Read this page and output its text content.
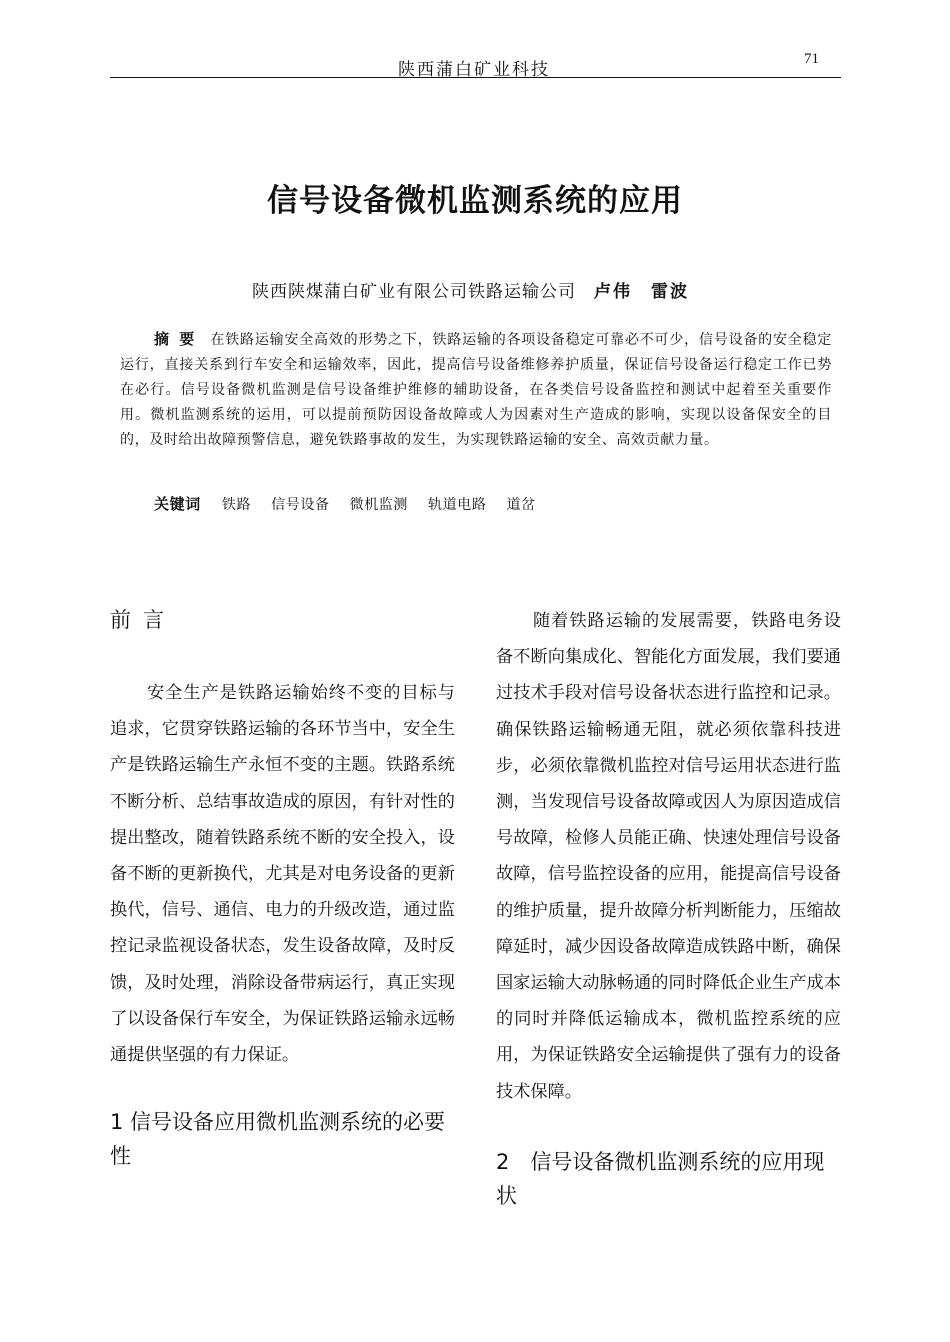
陕西蒲白矿业科技
71
信号设备微机监测系统的应用
陕西陕煤蒲白矿业有限公司铁路运输公司 卢伟　雷波
摘要 在铁路运输安全高效的形势之下，铁路运输的各项设备稳定可靠必不可少，信号设备的安全稳定运行，直接关系到行车安全和运输效率，因此，提高信号设备维修养护质量，保证信号设备运行稳定工作已势在必行。信号设备微机监测是信号设备维护维修的辅助设备，在各类信号设备监控和测试中起着至关重要作用。微机监测系统的运用，可以提前预防因设备故障或人为因素对生产造成的影响，实现以设备保安全的目的，及时给出故障预警信息，避免铁路事故的发生，为实现铁路运输的安全、高效贡献力量。
关键词 铁路 信号设备 微机监测 轨道电路 道岔
前言

安全生产是铁路运输始终不变的目标与追求，它贯穿铁路运输的各环节当中，安全生产是铁路运输生产永恒不变的主题。铁路系统不断分析、总结事故造成的原因，有针对性的提出整改，随着铁路系统不断的安全投入，设备不断的更新换代，尤其是对电务设备的更新换代，信号、通信、电力的升级改造，通过监控记录监视设备状态，发生设备故障，及时反馈，及时处理，消除设备带病运行，真正实现了以设备保行车安全，为保证铁路运输永远畅通提供坚强的有力保证。

1 信号设备应用微机监测系统的必要性

随着铁路运输的发展需要，铁路电务设备不断向集成化、智能化方面发展，我们要通过技术手段对信号设备状态进行监控和记录。确保铁路运输畅通无阻，就必须依靠科技进步，必须依靠微机监控对信号运用状态进行监测，当发现信号设备故障或因人为原因造成信号故障，检修人员能正确、快速处理信号设备故障，信号监控设备的应用，能提高信号设备的维护质量，提升故障分析判断能力，压缩故障延时，减少因设备故障造成铁路中断，确保国家运输大动脉畅通的同时降低企业生产成本的同时并降低运输成本，微机监控系统的应用，为保证铁路安全运输提供了强有力的设备技术保障。

2　信号设备微机监测系统的应用现状
